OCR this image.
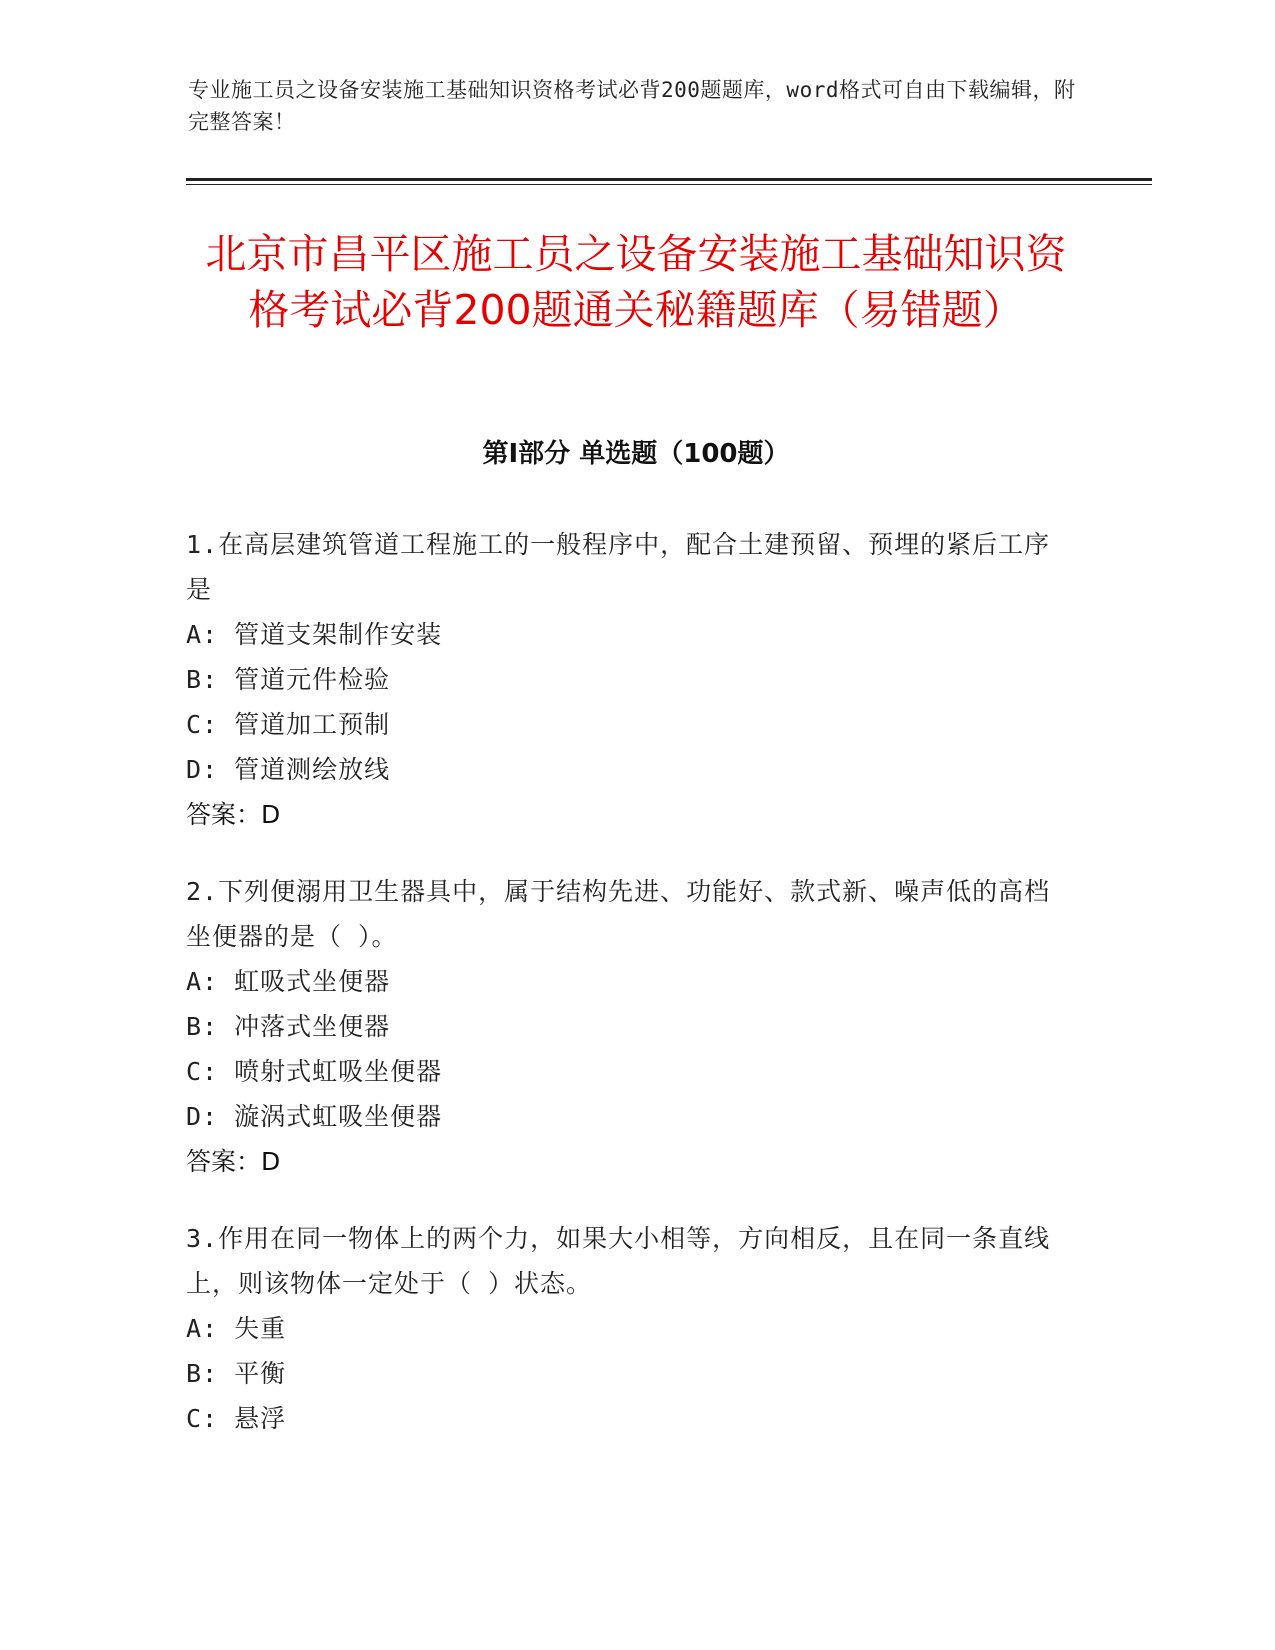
专业施工员之设备安装施工基础知识资格考试必背200题题库，word格式可自由下载编辑，附完整答案！
北京市昌平区施工员之设备安装施工基础知识资格考试必背200题通关秘籍题库（易错题）
第I部分 单选题（100题）
1.在高层建筑管道工程施工的一般程序中，配合土建预留、预埋的紧后工序是
A: 管道支架制作安装
B: 管道元件检验
C: 管道加工预制
D: 管道测绘放线
答案：D
2.下列便溺用卫生器具中，属于结构先进、功能好、款式新、噪声低的高档坐便器的是（ ）。
A: 虹吸式坐便器
B: 冲落式坐便器
C: 喷射式虹吸坐便器
D: 漩涡式虹吸坐便器
答案：D
3.作用在同一物体上的两个力，如果大小相等，方向相反，且在同一条直线上，则该物体一定处于（ ）状态。
A: 失重
B: 平衡
C: 悬浮
